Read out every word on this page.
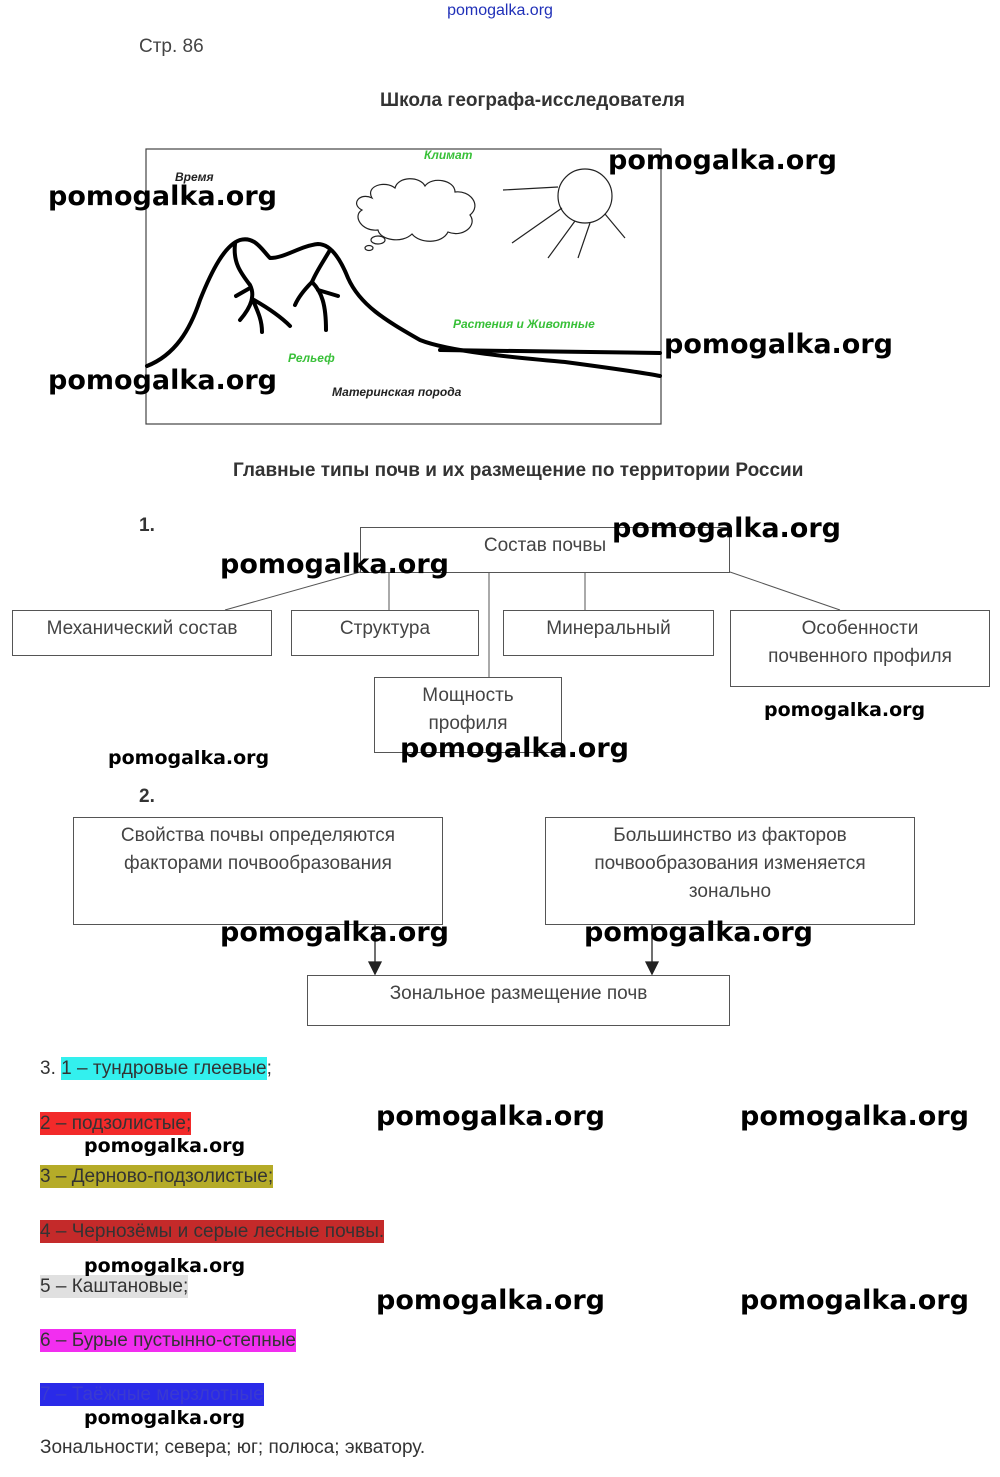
pomogalka.org
Стр. 86
Школа географа-исследователя
Время
Климат
Растения и Животные
Рельеф
Материнская порода
Главные типы почв и их размещение по территории России
1.
Состав почвы
Механический состав	Структура	Минеральный	Особенности
почвенного профиля
Мощность
профиля
2.
Свойства почвы определяются
факторами почвообразования
Большинство из факторов
почвообразования изменяется
зонально
Зональное размещение почв
3. 1 – тундровые глеевые;
2 – подзолистые;
3 – Дерново-подзолистые;
4 – Чернозёмы и серые лесные почвы.
5 – Каштановые;
6 – Бурые пустынно-степные
7 – Таёжные мерзлотные
Зональности; севера; юг; полюса; экватору.
pomogalka.org
pomogalka.org
pomogalka.org
pomogalka.org
pomogalka.org
pomogalka.org
pomogalka.org
pomogalka.org
pomogalka.org
pomogalka.org	pomogalka.org
pomogalka.org	pomogalka.org
pomogalka.org
pomogalka.org
pomogalka.org	pomogalka.org
pomogalka.org
